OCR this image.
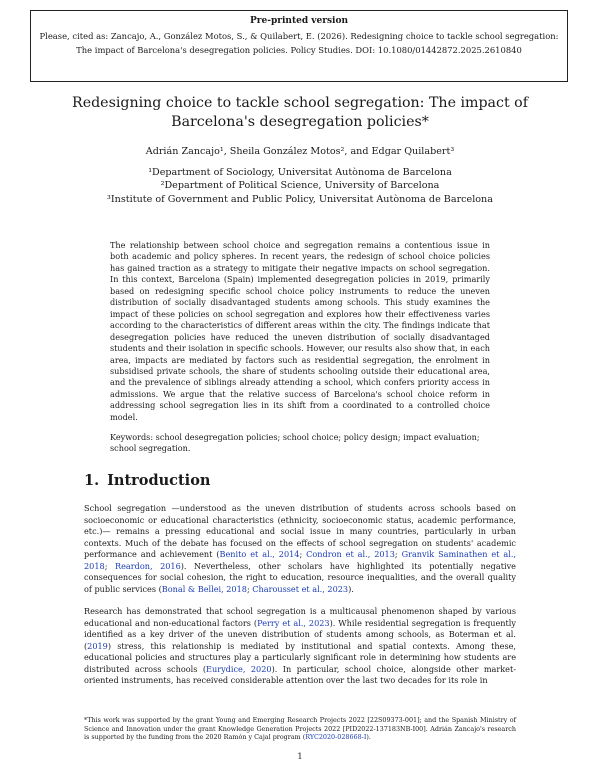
Pre-printed version
Please, cited as: Zancajo, A., González Motos, S., & Quilabert, E. (2026). Redesigning choice to tackle school segregation: The impact of Barcelona's desegregation policies. Policy Studies. DOI: 10.1080/01442872.2025.2610840
Redesigning choice to tackle school segregation: The impact of
Barcelona's desegregation policies*
Adrián Zancajo¹, Sheila González Motos², and Edgar Quilabert³
¹Department of Sociology, Universitat Autònoma de Barcelona
²Department of Political Science, University of Barcelona
³Institute of Government and Public Policy, Universitat Autònoma de Barcelona
The relationship between school choice and segregation remains a contentious issue in both academic and policy spheres. In recent years, the redesign of school choice policies has gained traction as a strategy to mitigate their negative impacts on school segregation. In this context, Barcelona (Spain) implemented desegregation policies in 2019, primarily based on redesigning specific school choice policy instruments to reduce the uneven distribution of socially disadvantaged students among schools. This study examines the impact of these policies on school segregation and explores how their effectiveness varies according to the characteristics of different areas within the city. The findings indicate that desegregation policies have reduced the uneven distribution of socially disadvantaged students and their isolation in specific schools. However, our results also show that, in each area, impacts are mediated by factors such as residential segregation, the enrolment in subsidised private schools, the share of students schooling outside their educational area, and the prevalence of siblings already attending a school, which confers priority access in admissions. We argue that the relative success of Barcelona's school choice reform in addressing school segregation lies in its shift from a coordinated to a controlled choice model.
Keywords: school desegregation policies; school choice; policy design; impact evaluation; school segregation.
1. Introduction
School segregation —understood as the uneven distribution of students across schools based on socioeconomic or educational characteristics (ethnicity, socioeconomic status, academic performance, etc.)— remains a pressing educational and social issue in many countries, particularly in urban contexts. Much of the debate has focused on the effects of school segregation on students' academic performance and achievement (Benito et al., 2014; Condron et al., 2013; Granvik Saminathen et al., 2018; Reardon, 2016). Nevertheless, other scholars have highlighted its potentially negative consequences for social cohesion, the right to education, resource inequalities, and the overall quality of public services (Bonal & Bellei, 2018; Charousset et al., 2023).
Research has demonstrated that school segregation is a multicausal phenomenon shaped by various educational and non-educational factors (Perry et al., 2023). While residential segregation is frequently identified as a key driver of the uneven distribution of students among schools, as Boterman et al. (2019) stress, this relationship is mediated by institutional and spatial contexts. Among these, educational policies and structures play a particularly significant role in determining how students are distributed across schools (Eurydice, 2020). In particular, school choice, alongside other market-oriented instruments, has received considerable attention over the last two decades for its role in
*This work was supported by the grant Young and Emerging Research Projects 2022 [22S09373-001]; and the Spanish Ministry of Science and Innovation under the grant Knowledge Generation Projects 2022 [PID2022-137183NB-I00]. Adrián Zancajo's research is supported by the funding from the 2020 Ramón y Cajal program (RYC2020-028668-I).
1
